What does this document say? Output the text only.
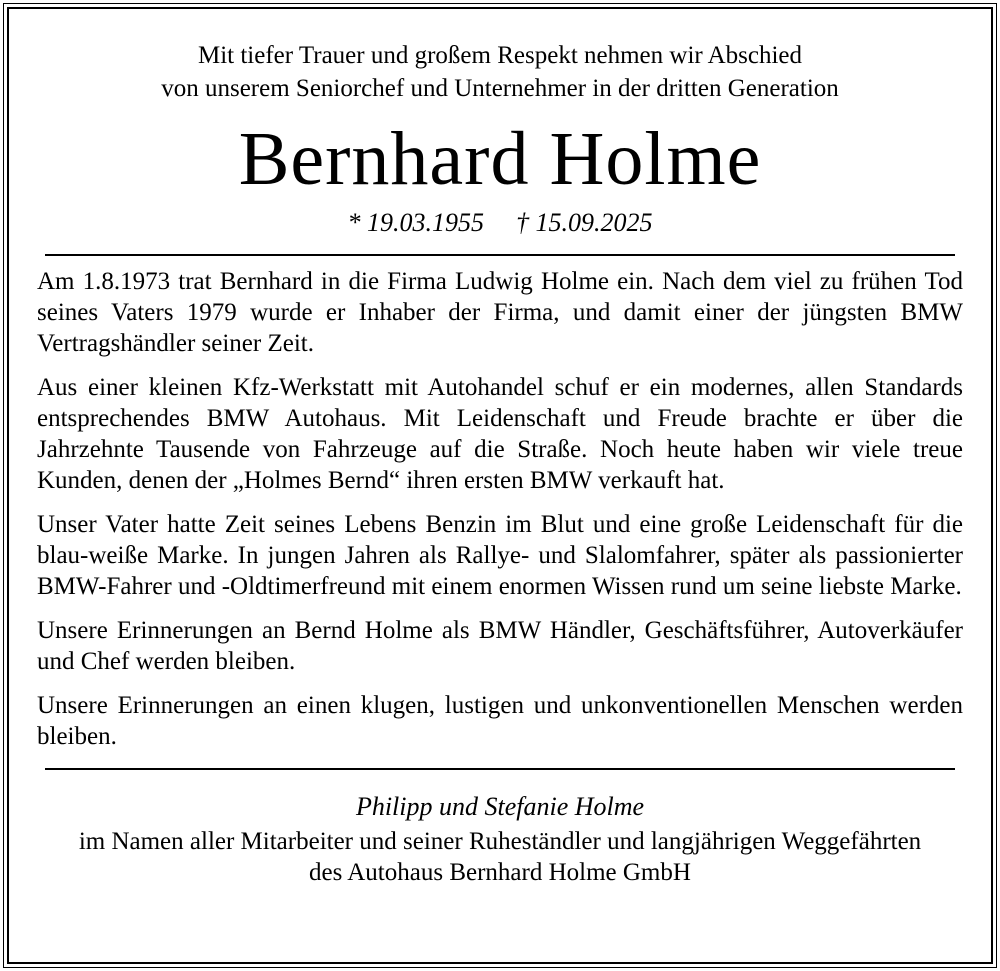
Mit tiefer Trauer und großem Respekt nehmen wir Abschied
von unserem Seniorchef und Unternehmer in der dritten Generation
Bernhard Holme
* 19.03.1955 † 15.09.2025

Am 1.8.1973 trat Bernhard in die Firma Ludwig Holme ein. Nach dem viel zu frühen Tod seines Vaters 1979 wurde er Inhaber der Firma, und damit einer der jüngsten BMW Vertragshändler seiner Zeit.

Aus einer kleinen Kfz-Werkstatt mit Autohandel schuf er ein modernes, allen Standards entsprechendes BMW Autohaus. Mit Leidenschaft und Freude brachte er über die Jahrzehnte Tausende von Fahrzeuge auf die Straße. Noch heute haben wir viele treue Kunden, denen der „Holmes Bernd“ ihren ersten BMW verkauft hat.

Unser Vater hatte Zeit seines Lebens Benzin im Blut und eine große Leidenschaft für die blau-weiße Marke. In jungen Jahren als Rallye- und Slalomfahrer, später als passionierter BMW-Fahrer und -Oldtimerfreund mit einem enormen Wissen rund um seine liebste Marke.

Unsere Erinnerungen an Bernd Holme als BMW Händler, Geschäftsführer, Autoverkäufer und Chef werden bleiben.

Unsere Erinnerungen an einen klugen, lustigen und unkonventionellen Menschen werden bleiben.

Philipp und Stefanie Holme
im Namen aller Mitarbeiter und seiner Ruheständler und langjährigen Weggefährten
des Autohaus Bernhard Holme GmbH
